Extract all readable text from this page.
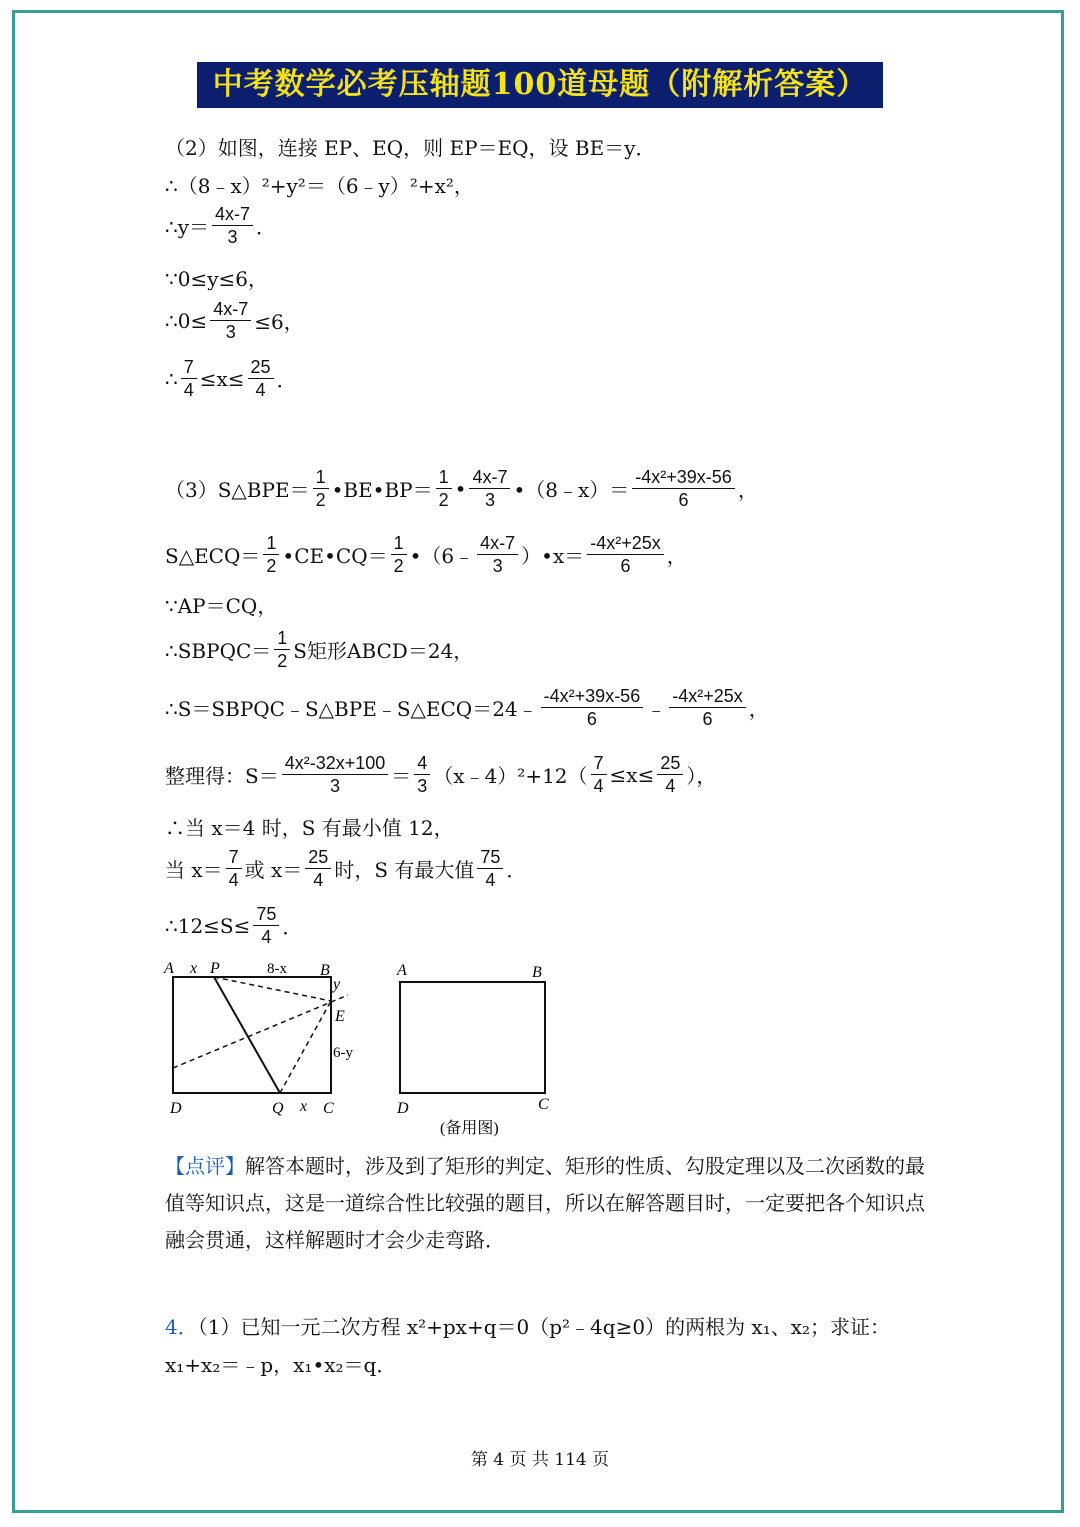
中考数学必考压轴题100道母题（附解析答案）
（2）如图，连接 EP、EQ，则 EP＝EQ，设 BE＝y．
∴（8﹣x）²+y²＝（6﹣y）²+x²，
∴y＝ $\frac{4x-7}{3}$ ．
∵0≤y≤6，
∴0≤ $\frac{4x-7}{3} \le 6$，
∴ $\frac{7}{4} \le x\le \frac{25}{4}$ ．
（3）S△BPE＝ $\frac{1}{2}$ •BE•BP＝ $\frac{1}{2}$ • $\frac{4x-7}{3}$ •（8﹣x）＝ $\frac{\text{-4x²+39x-56}}{6}$ ，
S△ECQ＝ $\frac{1}{2}$ •CE•CQ＝ $\frac{1}{2}$ •（6﹣ $\frac{4x-7}{3}$ ）•x＝ $\frac{\text{-4x²+25x}}{6}$ ，
∵AP＝CQ，
∴SBPQC＝ $\frac{1}{2}$ S矩形ABCD＝24，
∴S＝SBPQC﹣S△BPE﹣S△ECQ＝24﹣ $\frac{\text{-4x²+39x-56}}{6}$ ﹣ $\frac{\text{-4x²+25x}}{6}$ ，
整理得：$S= \frac{\text{4x²-32x+100}}{3} = \frac{4}{3}$ （x﹣4）²+12（ $\frac{7}{4} \le x\le \frac{25}{4}$ ），
∴当 x＝4 时，S 有最小值 12，
当 $x= \frac{7}{4}$ 或 $x= \frac{25}{4}$ 时，S 有最大值 $\frac{75}{4}$ ．
∴12≤S≤ $\frac{75}{4}$ ．
A x P	8-x B
y
E
6-y
D	Q x C
A	B
D	C
(备用图)
【点评】解答本题时，涉及到了矩形的判定、矩形的性质、勾股定理以及二次函数的最值等知识点，这是一道综合性比较强的题目，所以在解答题目时，一定要把各个知识点融会贯通，这样解题时才会少走弯路．
4．（1）已知一元二次方程 x²+px+q＝0（p²﹣4q≥0）的两根为 x₁、x₂；求证：
x₁+x₂＝﹣p，x₁•x₂＝q．
第 4 页 共 114 页
